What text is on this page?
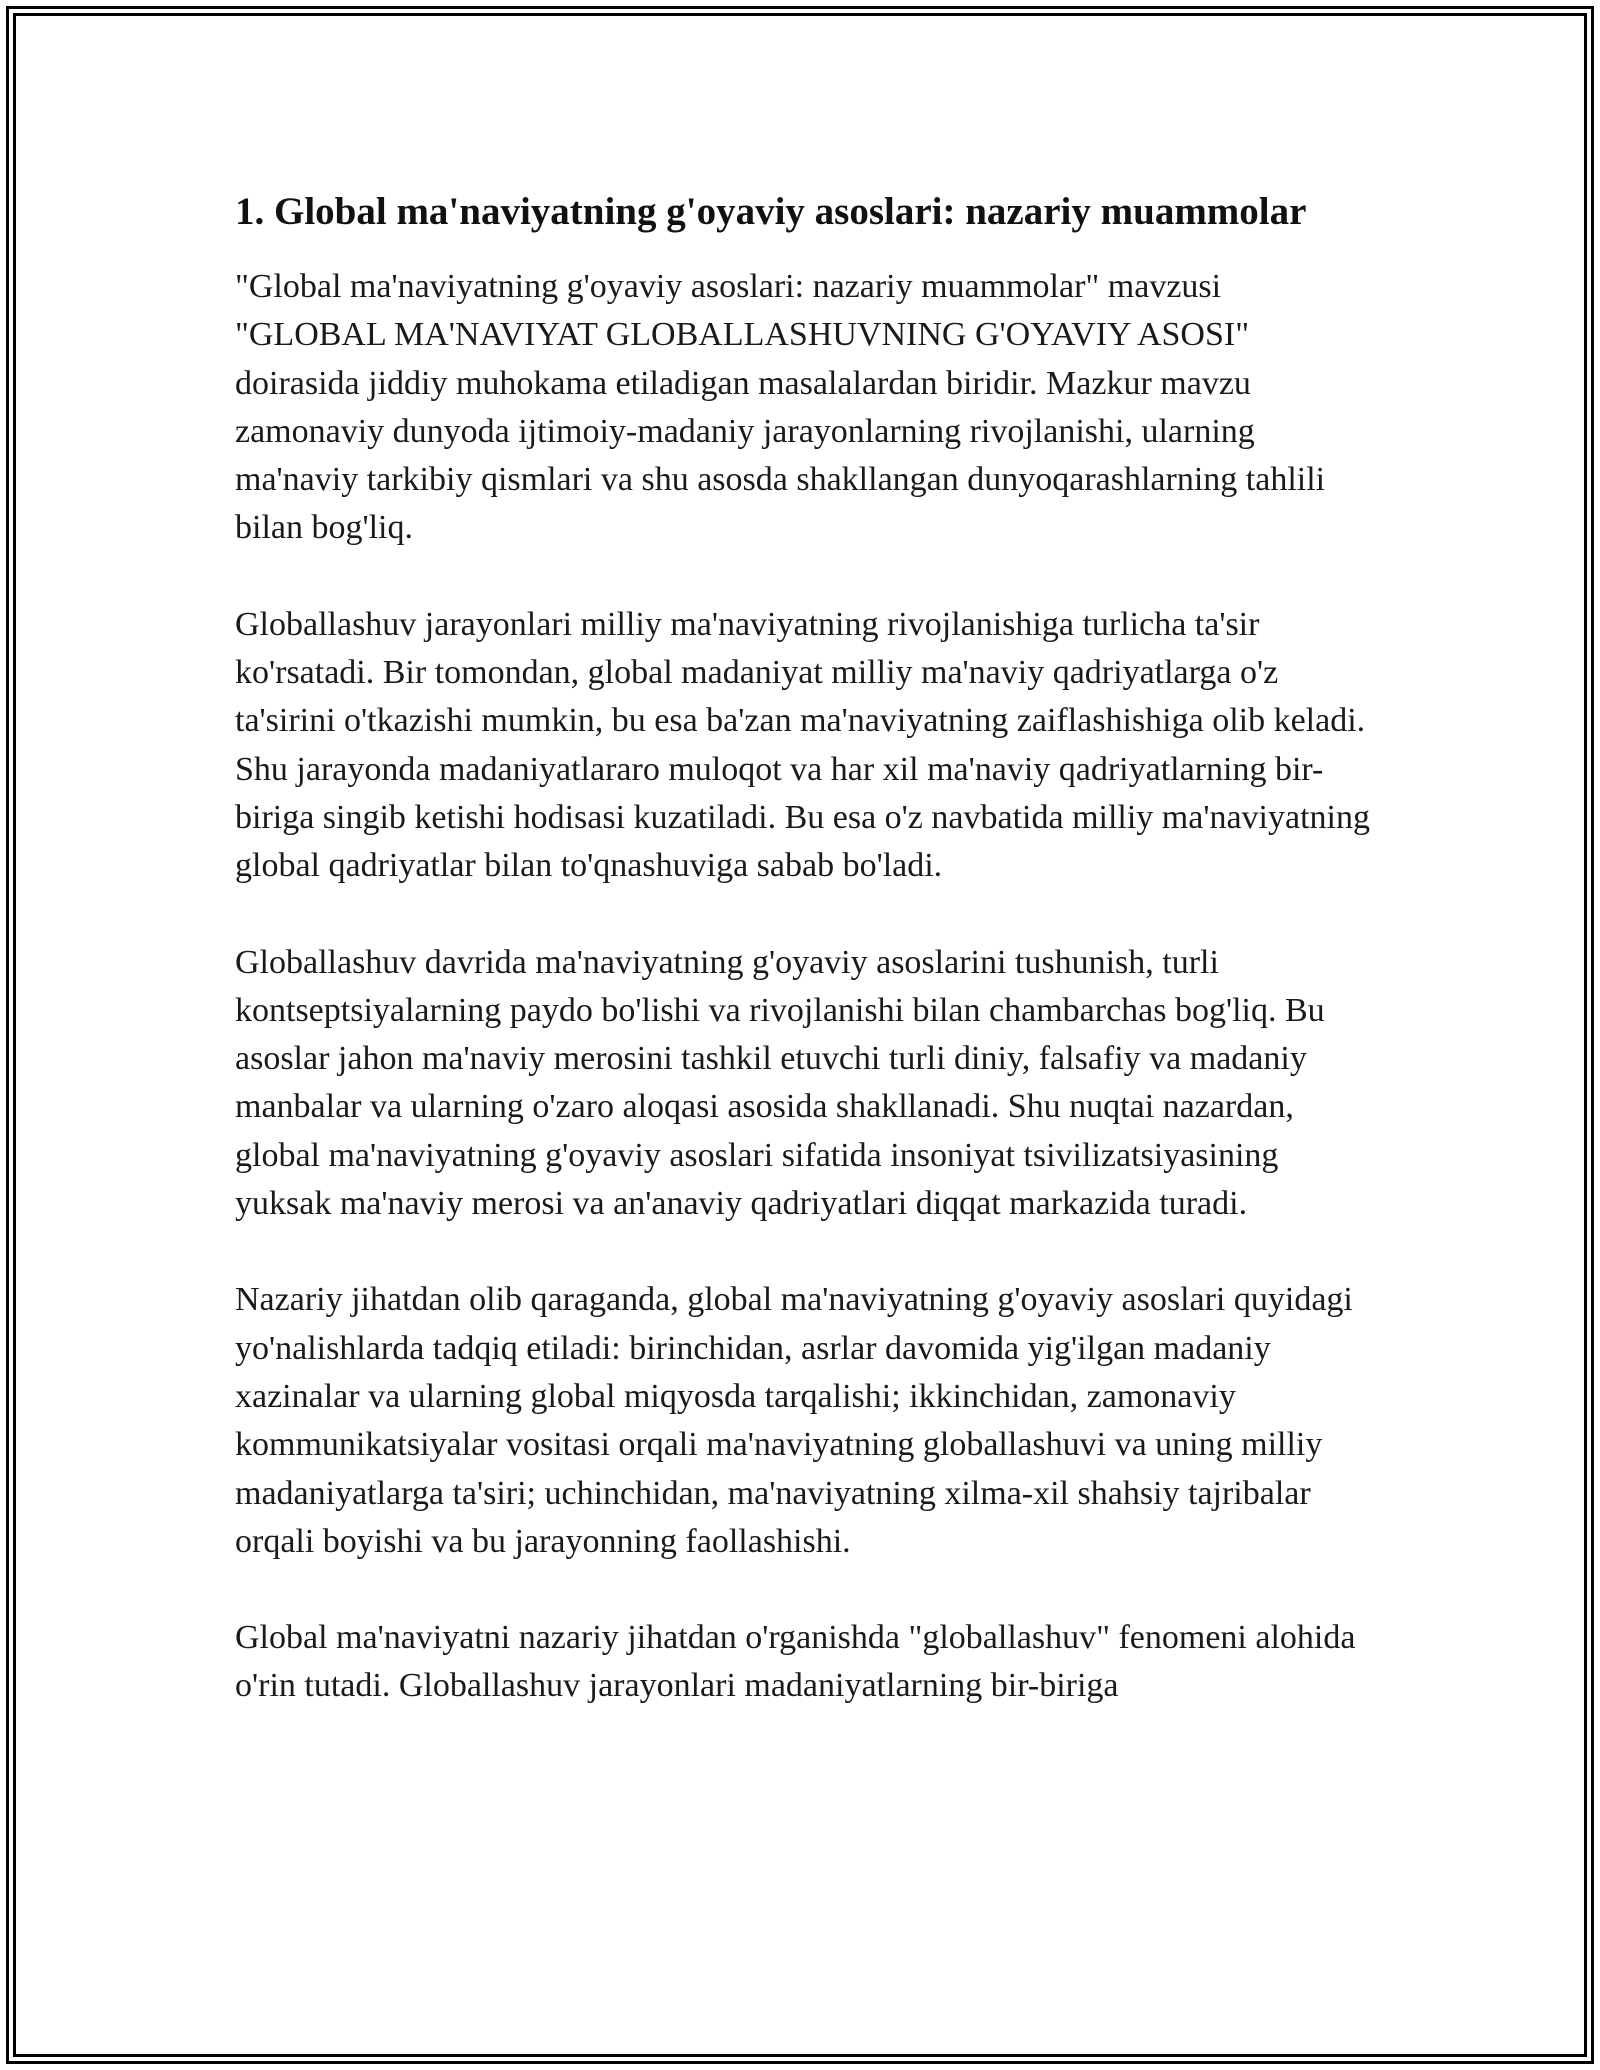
1. Global ma'naviyatning g'oyaviy asoslari: nazariy muammolar

"Global ma'naviyatning g'oyaviy asoslari: nazariy muammolar" mavzusi "GLOBAL MA'NAVIYAT GLOBALLASHUVNING G'OYAVIY ASOSI" doirasida jiddiy muhokama etiladigan masalalardan biridir. Mazkur mavzu zamonaviy dunyoda ijtimoiy-madaniy jarayonlarning rivojlanishi, ularning ma'naviy tarkibiy qismlari va shu asosda shakllangan dunyoqarashlarning tahlili bilan bog'liq.

Globallashuv jarayonlari milliy ma'naviyatning rivojlanishiga turlicha ta'sir ko'rsatadi. Bir tomondan, global madaniyat milliy ma'naviy qadriyatlarga o'z ta'sirini o'tkazishi mumkin, bu esa ba'zan ma'naviyatning zaiflashishiga olib keladi. Shu jarayonda madaniyatlararo muloqot va har xil ma'naviy qadriyatlarning bir-biriga singib ketishi hodisasi kuzatiladi. Bu esa o'z navbatida milliy ma'naviyatning global qadriyatlar bilan to'qnashuviga sabab bo'ladi.

Globallashuv davrida ma'naviyatning g'oyaviy asoslarini tushunish, turli kontseptsiyalarning paydo bo'lishi va rivojlanishi bilan chambarchas bog'liq. Bu asoslar jahon ma'naviy merosini tashkil etuvchi turli diniy, falsafiy va madaniy manbalar va ularning o'zaro aloqasi asosida shakllanadi. Shu nuqtai nazardan, global ma'naviyatning g'oyaviy asoslari sifatida insoniyat tsivilizatsiyasining yuksak ma'naviy merosi va an'anaviy qadriyatlari diqqat markazida turadi.

Nazariy jihatdan olib qaraganda, global ma'naviyatning g'oyaviy asoslari quyidagi yo'nalishlarda tadqiq etiladi: birinchidan, asrlar davomida yig'ilgan madaniy xazinalar va ularning global miqyosda tarqalishi; ikkinchidan, zamonaviy kommunikatsiyalar vositasi orqali ma'naviyatning globallashuvi va uning milliy madaniyatlarga ta'siri; uchinchidan, ma'naviyatning xilma-xil shahsiy tajribalar orqali boyishi va bu jarayonning faollashishi.

Global ma'naviyatni nazariy jihatdan o'rganishda "globallashuv" fenomeni alohida o'rin tutadi. Globallashuv jarayonlari madaniyatlarning bir-biriga
